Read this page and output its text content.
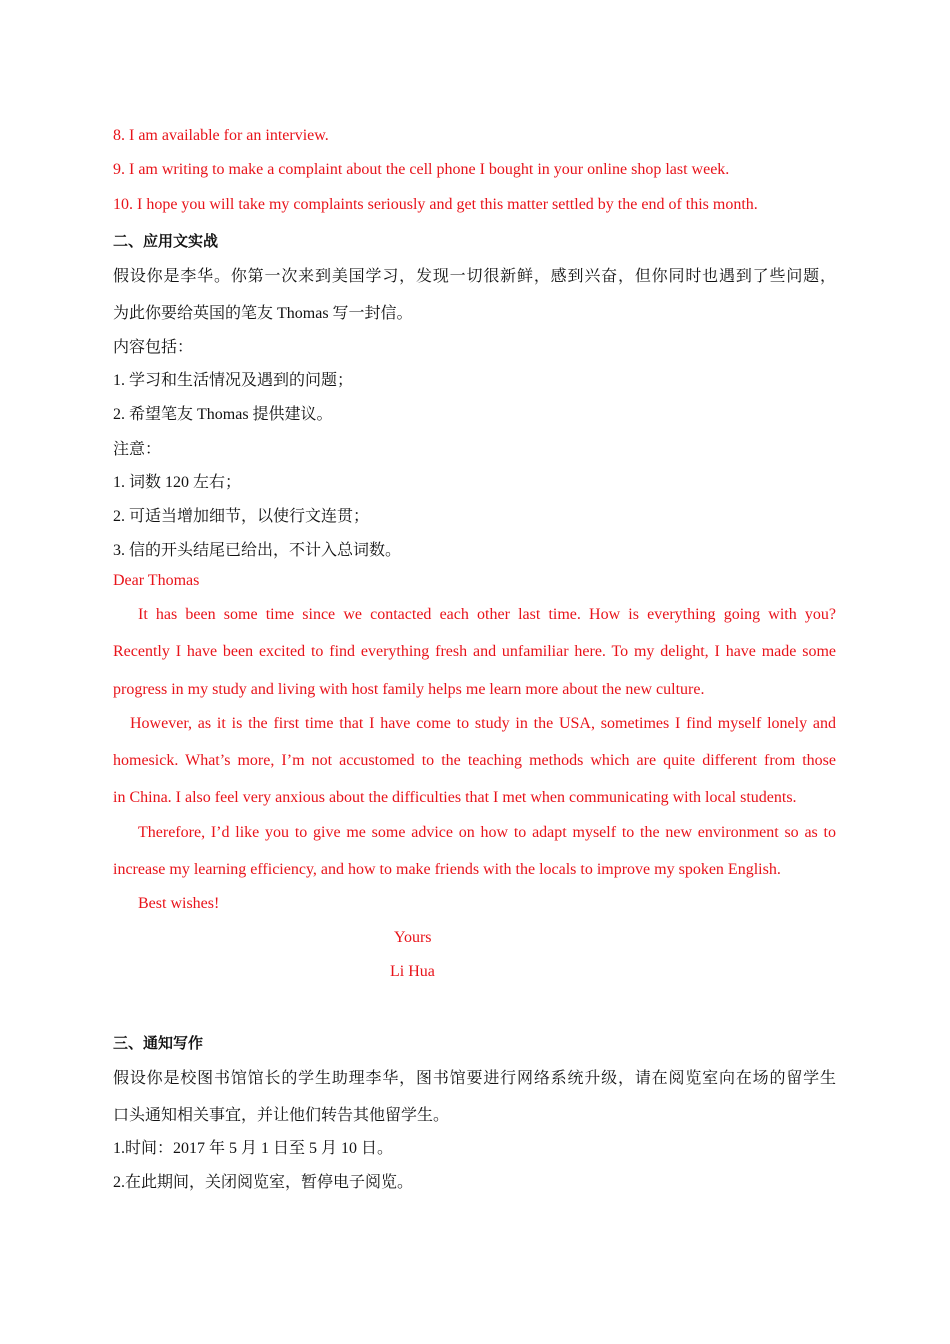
8. I am available for an interview.
9. I am writing to make a complaint about the cell phone I bought in your online shop last week.
10. I hope you will take my complaints seriously and get this matter settled by the end of this month.
二、应用文实战
假设你是李华。你第一次来到美国学习，发现一切很新鲜，感到兴奋，但你同时也遇到了些问题，
为此你要给英国的笔友 Thomas 写一封信。
内容包括：
1. 学习和生活情况及遇到的问题；
2. 希望笔友 Thomas 提供建议。
注意：
1. 词数 120 左右；
2. 可适当增加细节，以使行文连贯；
3. 信的开头结尾已给出，不计入总词数。
Dear Thomas
It has been some time since we contacted each other last time. How is everything going with you?
Recently I have been excited to find everything fresh and unfamiliar here. To my delight, I have made some
progress in my study and living with host family helps me learn more about the new culture.
However, as it is the first time that I have come to study in the USA, sometimes I find myself lonely and
homesick. What’s more, I’m not accustomed to the teaching methods which are quite different from those
in China. I also feel very anxious about the difficulties that I met when communicating with local students.
Therefore, I’d like you to give me some advice on how to adapt myself to the new environment so as to
increase my learning efficiency, and how to make friends with the locals to improve my spoken English.
Best wishes!
Yours
Li Hua
三、通知写作
假设你是校图书馆馆长的学生助理李华，图书馆要进行网络系统升级，请在阅览室向在场的留学生
口头通知相关事宜，并让他们转告其他留学生。
1.时间：2017 年 5 月 1 日至 5 月 10 日。
2.在此期间，关闭阅览室，暂停电子阅览。
